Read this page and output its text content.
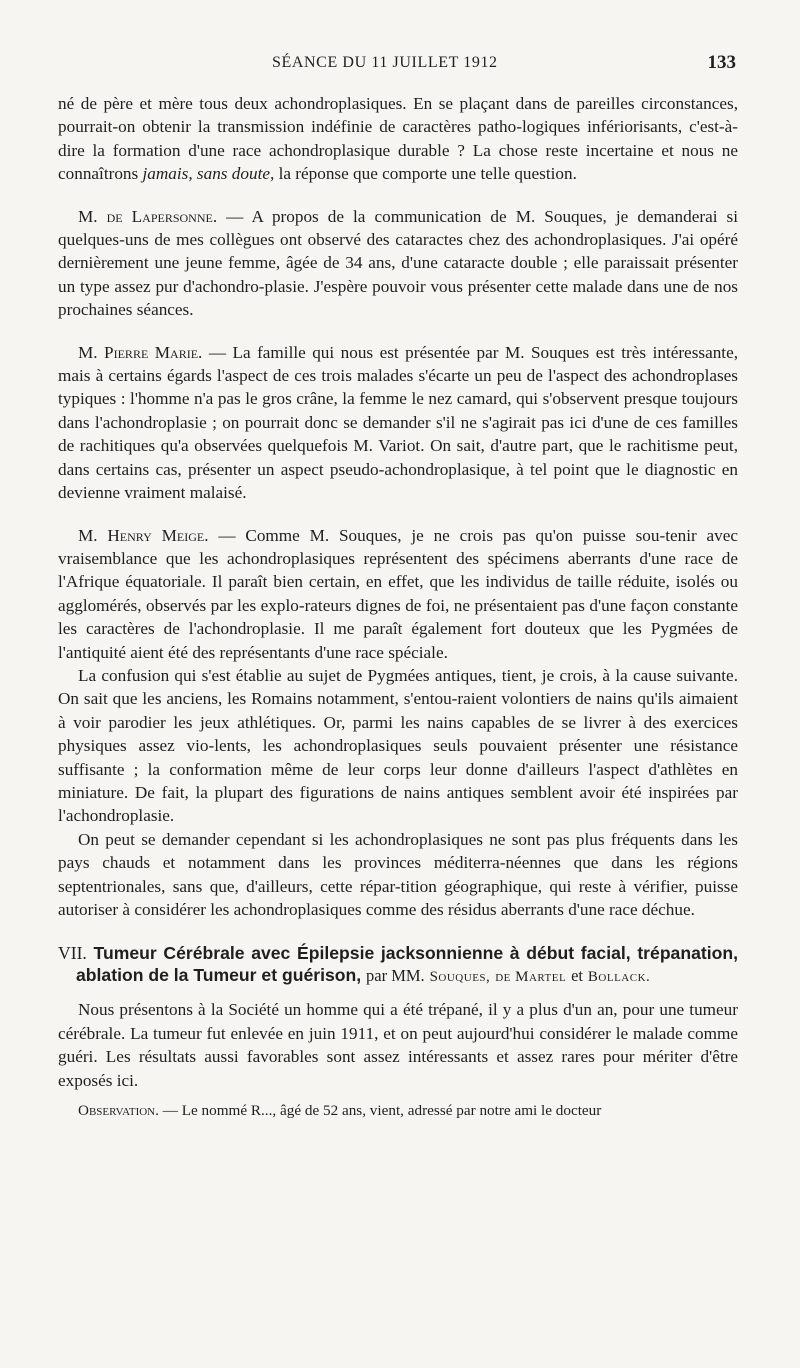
SÉANCE DU 11 JUILLET 1912	133

né de père et mère tous deux achondroplasiques. En se plaçant dans de pareilles circonstances, pourrait-on obtenir la transmission indéfinie de caractères patho-logiques infériorisants, c'est-à-dire la formation d'une race achondroplasique durable ? La chose reste incertaine et nous ne connaîtrons jamais, sans doute, la réponse que comporte une telle question.

M. de Lapersonne. — A propos de la communication de M. Souques, je demanderai si quelques-uns de mes collègues ont observé des cataractes chez des achondroplasiques. J'ai opéré dernièrement une jeune femme, âgée de 34 ans, d'une cataracte double ; elle paraissait présenter un type assez pur d'achondro-plasie. J'espère pouvoir vous présenter cette malade dans une de nos prochaines séances.

M. Pierre Marie. — La famille qui nous est présentée par M. Souques est très intéressante, mais à certains égards l'aspect de ces trois malades s'écarte un peu de l'aspect des achondroplases typiques : l'homme n'a pas le gros crâne, la femme le nez camard, qui s'observent presque toujours dans l'achondroplasie ; on pourrait donc se demander s'il ne s'agirait pas ici d'une de ces familles de rachitiques qu'a observées quelquefois M. Variot. On sait, d'autre part, que le rachitisme peut, dans certains cas, présenter un aspect pseudo-achondroplasique, à tel point que le diagnostic en devienne vraiment malaisé.

M. Henry Meige. — Comme M. Souques, je ne crois pas qu'on puisse sou-tenir avec vraisemblance que les achondroplasiques représentent des spécimens aberrants d'une race de l'Afrique équatoriale. Il paraît bien certain, en effet, que les individus de taille réduite, isolés ou agglomérés, observés par les explo-rateurs dignes de foi, ne présentaient pas d'une façon constante les caractères de l'achondroplasie. Il me paraît également fort douteux que les Pygmées de l'antiquité aient été des représentants d'une race spéciale.

La confusion qui s'est établie au sujet de Pygmées antiques, tient, je crois, à la cause suivante. On sait que les anciens, les Romains notamment, s'entou-raient volontiers de nains qu'ils aimaient à voir parodier les jeux athlétiques. Or, parmi les nains capables de se livrer à des exercices physiques assez vio-lents, les achondroplasiques seuls pouvaient présenter une résistance suffisante ; la conformation même de leur corps leur donne d'ailleurs l'aspect d'athlètes en miniature. De fait, la plupart des figurations de nains antiques semblent avoir été inspirées par l'achondroplasie.

On peut se demander cependant si les achondroplasiques ne sont pas plus fréquents dans les pays chauds et notamment dans les provinces méditerra-néennes que dans les régions septentrionales, sans que, d'ailleurs, cette répar-tition géographique, qui reste à vérifier, puisse autoriser à considérer les achondroplasiques comme des résidus aberrants d'une race déchue.

VII. Tumeur Cérébrale avec Épilepsie jacksonnienne à début facial, trépanation, ablation de la Tumeur et guérison, par MM. Souques, de Martel et Bollack.

Nous présentons à la Société un homme qui a été trépané, il y a plus d'un an, pour une tumeur cérébrale. La tumeur fut enlevée en juin 1911, et on peut aujourd'hui considérer le malade comme guéri. Les résultats aussi favorables sont assez intéressants et assez rares pour mériter d'être exposés ici.

Observation. — Le nommé R..., âgé de 52 ans, vient, adressé par notre ami le docteur
